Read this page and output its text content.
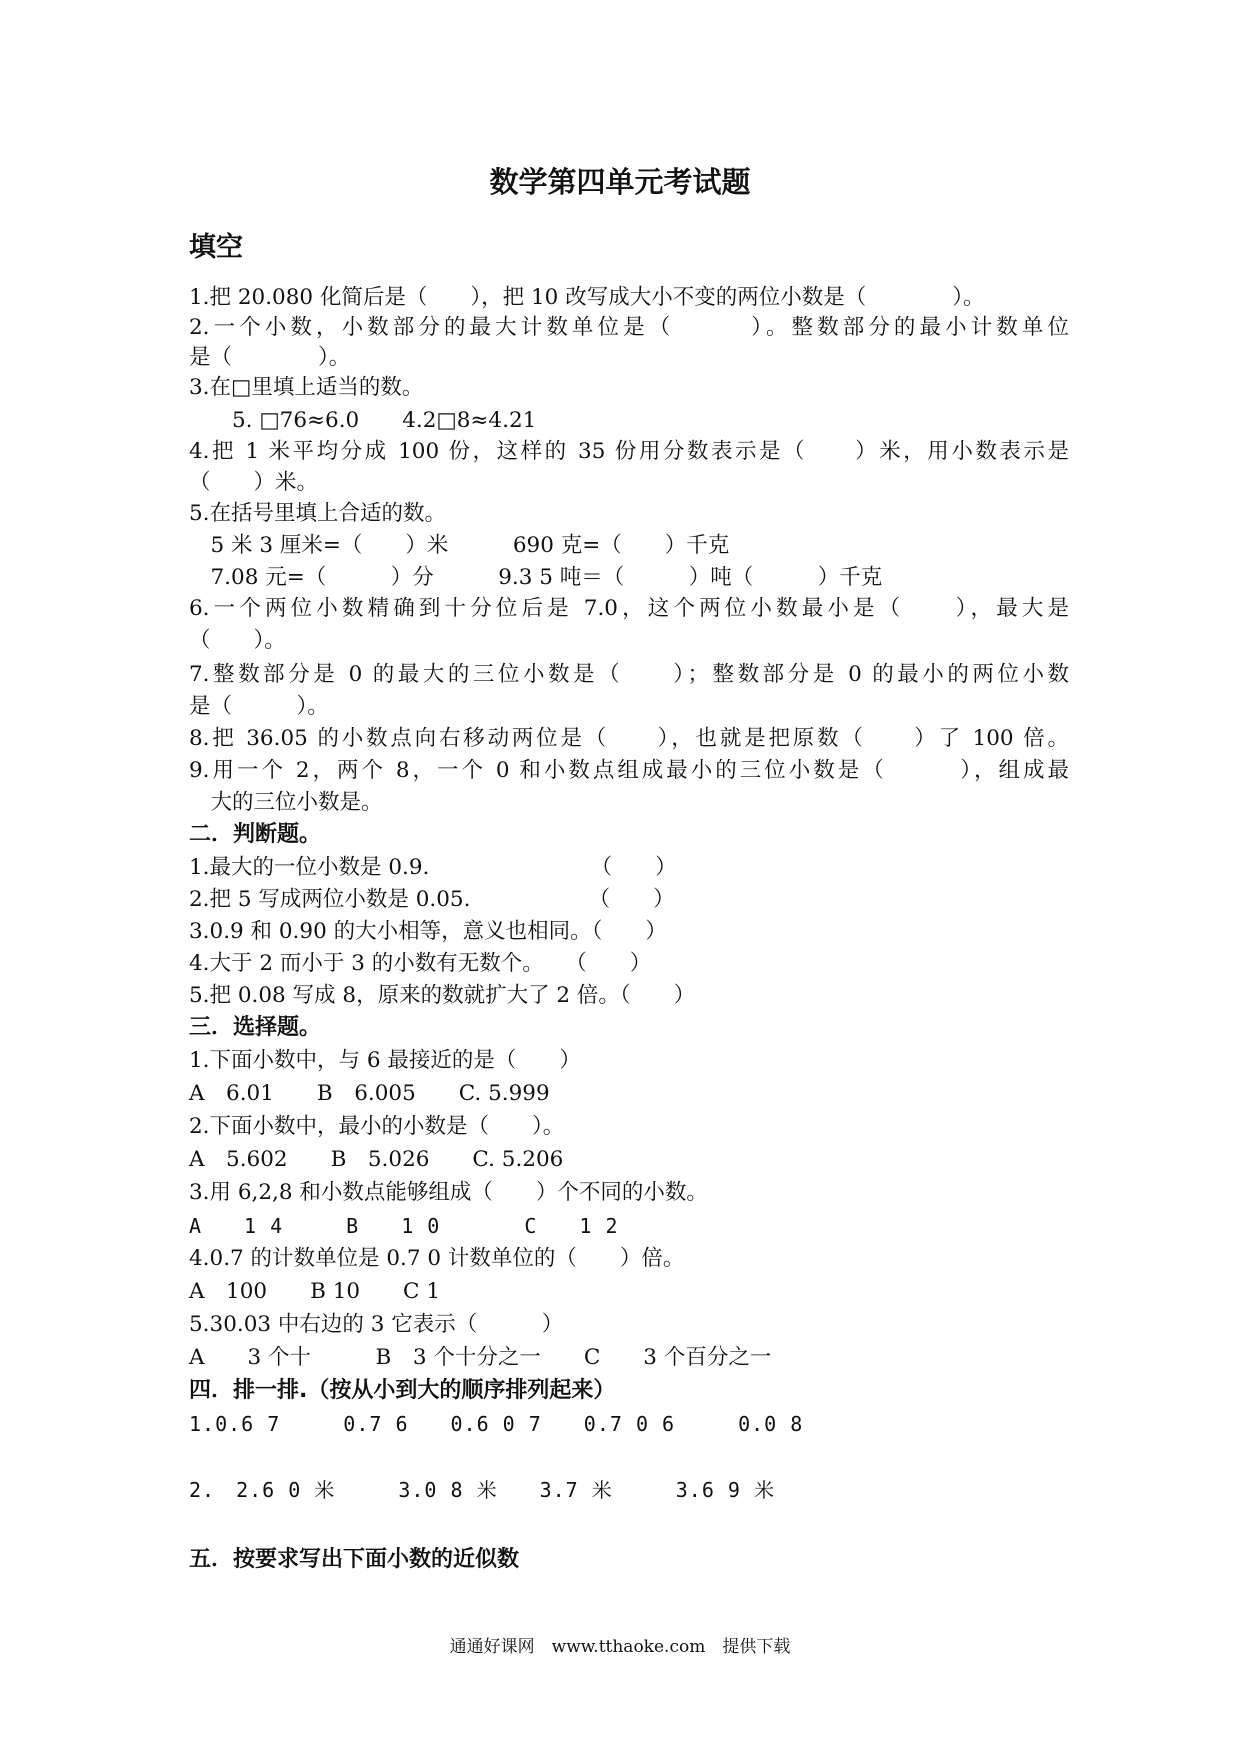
数学第四单元考试题
填空
1.把 20.080 化简后是（　　），把 10 改写成大小不变的两位小数是（　　　　）。
2.一个小数，小数部分的最大计数单位是（　　　）。整数部分的最小计数单位
是（　　　　）。
3.在□里填上适当的数。
　　5. □76≈6.0　　4.2□8≈4.21
4.把 1 米平均分成 100 份，这样的 35 份用分数表示是（　　）米，用小数表示是
（　　）米。
5.在括号里填上合适的数。
　5 米 3 厘米=（　　）米　　　690 克=（　　）千克
　7.08 元=（　　　）分　　　9.3 5 吨＝（　　　）吨（　　　）千克
6.一个两位小数精确到十分位后是 7.0，这个两位小数最小是（　　），最大是
（　　）。
7.整数部分是 0 的最大的三位小数是（　　）；整数部分是 0 的最小的两位小数
是（　　　）。
8.把 36.05 的小数点向右移动两位是（　　），也就是把原数（　　）了 100 倍。
9.用一个 2，两个 8，一个 0 和小数点组成最小的三位小数是（　　　），组成最
　大的三位小数是。
二．判断题。
1.最大的一位小数是 0.9.　　　　　　　　（　　）
2.把 5 写成两位小数是 0.05.　　　　　　（　　）
3.0.9 和 0.90 的大小相等，意义也相同。（　　）
4.大于 2 而小于 3 的小数有无数个。　　（　　）
5.把 0.08 写成 8，原来的数就扩大了 2 倍。（　　）
三．选择题。
1.下面小数中，与 6 最接近的是（　　）
A　6.01　　B　6.005　　C. 5.999
2.下面小数中，最小的小数是（　　）。
A　5.602　　B　5.026　　C. 5.206
3.用 6,2,8 和小数点能够组成（　　）个不同的小数。
A　　1 4　　　B　　1 0　　　　C　　1 2
4.0.7 的计数单位是 0.7 0 计数单位的（　　）倍。
A　100　　B 10　　C 1
5.30.03 中右边的 3 它表示（　　　）
A　　3 个十　　　B　3 个十分之一　　C　　3 个百分之一
四．排一排.（按从小到大的顺序排列起来）
1.0.6 7　　　0.7 6　　0.6 0 7　　0.7 0 6　　　0.0 8
2.　2.6 0 米　　　3.0 8 米　　3.7 米　　　3.6 9 米
五．按要求写出下面小数的近似数
通通好课网　www.tthaoke.com　提供下载
